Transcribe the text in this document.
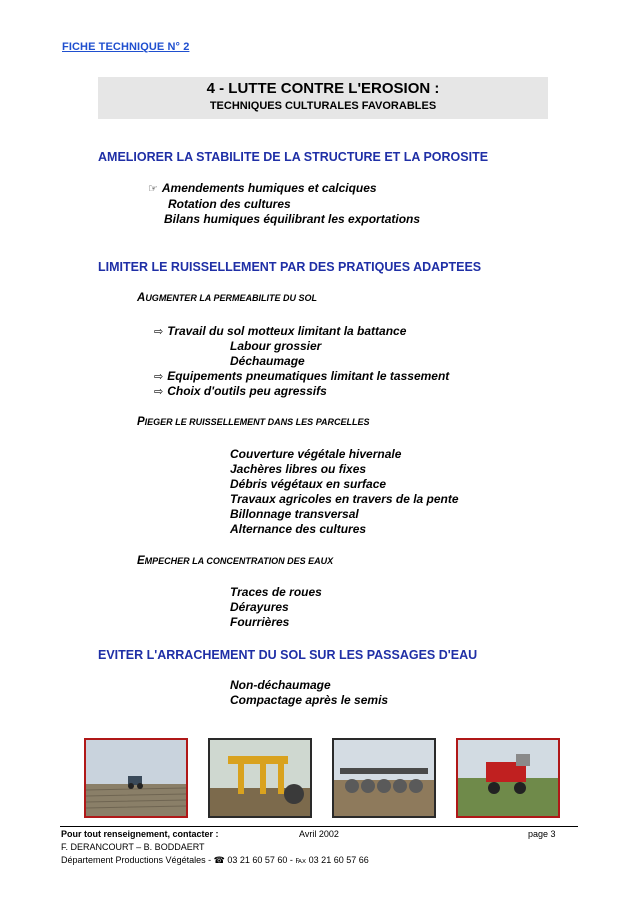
FICHE TECHNIQUE N° 2
4 - LUTTE CONTRE L'EROSION :
TECHNIQUES CULTURALES FAVORABLES
AMELIORER LA STABILITE DE LA STRUCTURE ET LA POROSITE
☞ Amendements humiques et calciques
Rotation des cultures
Bilans humiques équilibrant les exportations
LIMITER LE RUISSELLEMENT PAR DES PRATIQUES ADAPTEES
AUGMENTER LA PERMEABILITE DU SOL
⇨ Travail du sol motteux limitant la battance
Labour grossier
Déchaumage
⇨ Equipements pneumatiques limitant le tassement
⇨ Choix d'outils peu agressifs
PIEGER LE RUISSELLEMENT DANS LES PARCELLES
Couverture végétale hivernale
Jachères libres ou fixes
Débris végétaux en surface
Travaux agricoles en travers de la pente
Billonnage transversal
Alternance des cultures
EMPECHER LA CONCENTRATION DES EAUX
Traces de roues
Dérayures
Fourrières
EVITER L'ARRACHEMENT DU SOL SUR LES PASSAGES D'EAU
Non-déchaumage
Compactage après le semis
Pour tout renseignement, contacter :	Avril 2002	page 3
F. DERANCOURT – B. BODDAERT
Département Productions Végétales - ☎ 03 21 60 57 60 - ℻ 03 21 60 57 66
